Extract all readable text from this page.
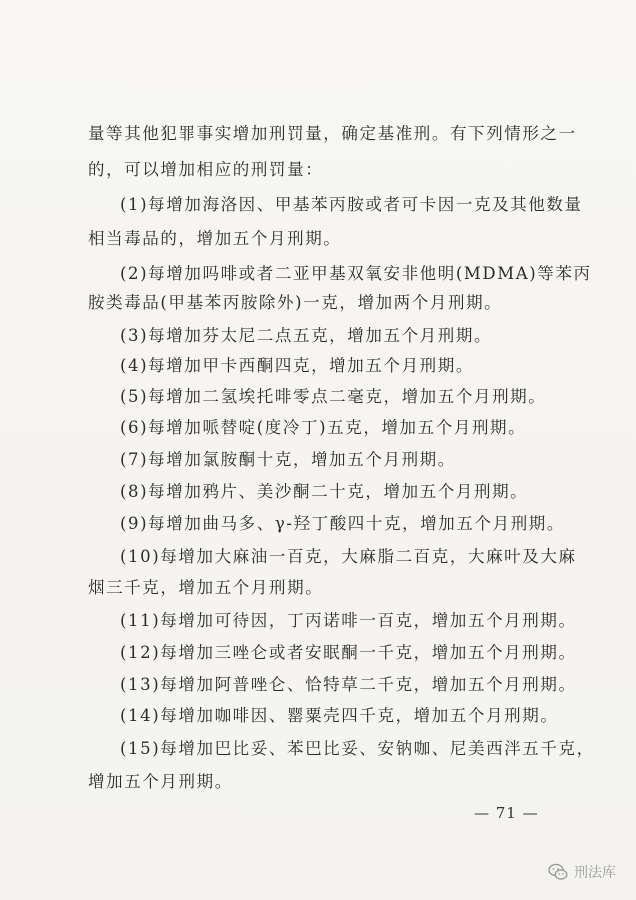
量等其他犯罪事实增加刑罚量，确定基准刑。有下列情形之一
的，可以增加相应的刑罚量：
(1)每增加海洛因、甲基苯丙胺或者可卡因一克及其他数量
相当毒品的，增加五个月刑期。
(2)每增加吗啡或者二亚甲基双氧安非他明(MDMA)等苯丙
胺类毒品(甲基苯丙胺除外)一克，增加两个月刑期。
(3)每增加芬太尼二点五克，增加五个月刑期。
(4)每增加甲卡西酮四克，增加五个月刑期。
(5)每增加二氢埃托啡零点二毫克，增加五个月刑期。
(6)每增加哌替啶(度冷丁)五克，增加五个月刑期。
(7)每增加氯胺酮十克，增加五个月刑期。
(8)每增加鸦片、美沙酮二十克，增加五个月刑期。
(9)每增加曲马多、γ-羟丁酸四十克，增加五个月刑期。
(10)每增加大麻油一百克，大麻脂二百克，大麻叶及大麻
烟三千克，增加五个月刑期。
(11)每增加可待因，丁丙诺啡一百克，增加五个月刑期。
(12)每增加三唑仑或者安眠酮一千克，增加五个月刑期。
(13)每增加阿普唑仑、恰特草二千克，增加五个月刑期。
(14)每增加咖啡因、罂粟壳四千克，增加五个月刑期。
(15)每增加巴比妥、苯巴比妥、安钠咖、尼美西泮五千克，
增加五个月刑期。
— 71 —
刑法库
